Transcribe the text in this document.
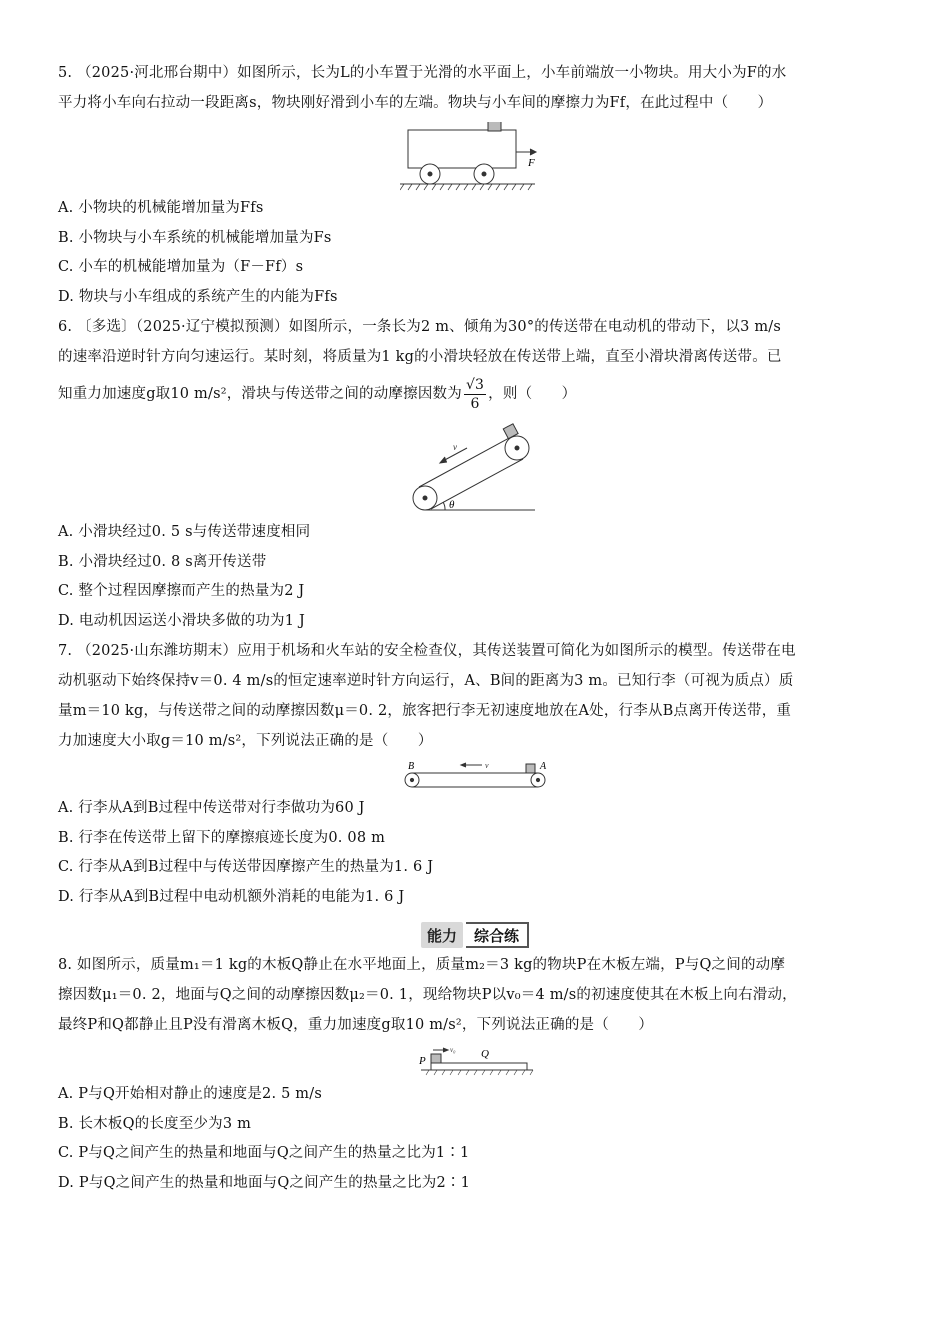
5. （2025·河北邢台期中）如图所示，长为L的小车置于光滑的水平面上，小车前端放一小物块。用大小为F的水

平力将小车向右拉动一段距离s，物块刚好滑到小车的左端。物块与小车间的摩擦力为Ff，在此过程中（　　）

F

A. 小物块的机械能增加量为Ffs

B. 小物块与小车系统的机械能增加量为Fs

C. 小车的机械能增加量为（F－Ff）s

D. 物块与小车组成的系统产生的内能为Ffs

6. 〔多选〕（2025·辽宁模拟预测）如图所示，一条长为2 m、倾角为30°的传送带在电动机的带动下，以3 m/s

的速率沿逆时针方向匀速运行。某时刻，将质量为1 kg的小滑块轻放在传送带上端，直至小滑块滑离传送带。已

知重力加速度g取10 m/s²，滑块与传送带之间的动摩擦因数为 $\frac{√3}{6}$ ，则（　　）

v
θ

A. 小滑块经过0. 5 s与传送带速度相同

B. 小滑块经过0. 8 s离开传送带

C. 整个过程因摩擦而产生的热量为2 J

D. 电动机因运送小滑块多做的功为1 J

7. （2025·山东潍坊期末）应用于机场和火车站的安全检查仪，其传送装置可简化为如图所示的模型。传送带在电

动机驱动下始终保持v＝0. 4 m/s的恒定速率逆时针方向运行，A、B间的距离为3 m。已知行李（可视为质点）质

量m＝10 kg，与传送带之间的动摩擦因数μ＝0. 2，旅客把行李无初速度地放在A处，行李从B点离开传送带，重

力加速度大小取g＝10 m/s²，下列说法正确的是（　　）

B	A
v

A. 行李从A到B过程中传送带对行李做功为60 J

B. 行李在传送带上留下的摩擦痕迹长度为0. 08 m

C. 行李从A到B过程中与传送带因摩擦产生的热量为1. 6 J

D. 行李从A到B过程中电动机额外消耗的电能为1. 6 J

能力	综合练

8. 如图所示，质量m₁＝1 kg的木板Q静止在水平地面上，质量m₂＝3 kg的物块P在木板左端，P与Q之间的动摩

擦因数μ₁＝0. 2，地面与Q之间的动摩擦因数μ₂＝0. 1，现给物块P以v₀＝4 m/s的初速度使其在木板上向右滑动，

最终P和Q都静止且P没有滑离木板Q，重力加速度g取10 m/s²，下列说法正确的是（　　）

P
Q
v₀

A. P与Q开始相对静止的速度是2. 5 m/s

B. 长木板Q的长度至少为3 m

C. P与Q之间产生的热量和地面与Q之间产生的热量之比为1∶1

D. P与Q之间产生的热量和地面与Q之间产生的热量之比为2∶1
